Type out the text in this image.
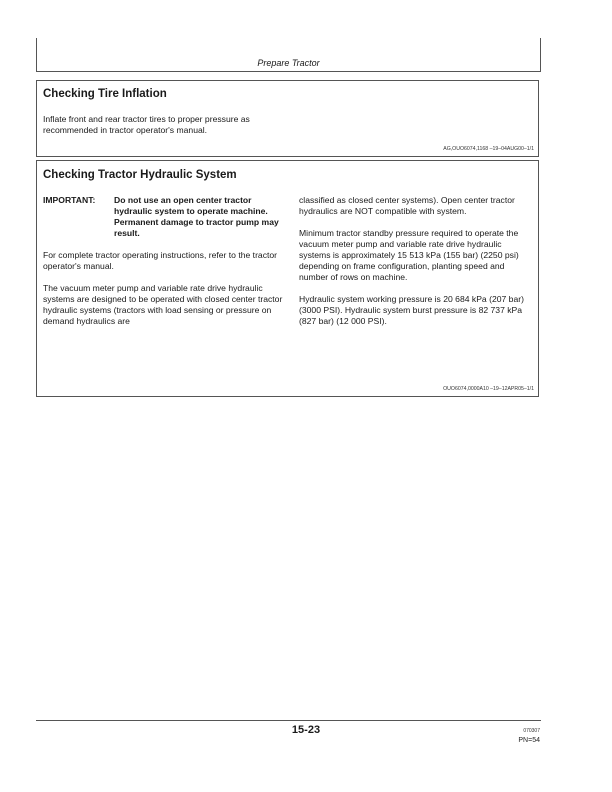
Prepare Tractor
Checking Tire Inflation
Inflate front and rear tractor tires to proper pressure as recommended in tractor operator's manual.
AG,OUO6074,1168 –19–04AUG00–1/1
Checking Tractor Hydraulic System
IMPORTANT:	Do not use an open center tractor hydraulic system to operate machine. Permanent damage to tractor pump may result.

For complete tractor operating instructions, refer to the tractor operator's manual.

The vacuum meter pump and variable rate drive hydraulic systems are designed to be operated with closed center tractor hydraulic systems (tractors with load sensing or pressure on demand hydraulics are

classified as closed center systems). Open center tractor hydraulics are NOT compatible with system.

Minimum tractor standby pressure required to operate the vacuum meter pump and variable rate drive hydraulic systems is approximately 15 513 kPa (155 bar) (2250 psi) depending on frame configuration, planting speed and number of rows on machine.

Hydraulic system working pressure is 20 684 kPa (207 bar) (3000 PSI). Hydraulic system burst pressure is 82 737 kPa (827 bar) (12 000 PSI).

OUO6074,0000A10 –19–12APR05–1/1
15-23	070307
PN=54
